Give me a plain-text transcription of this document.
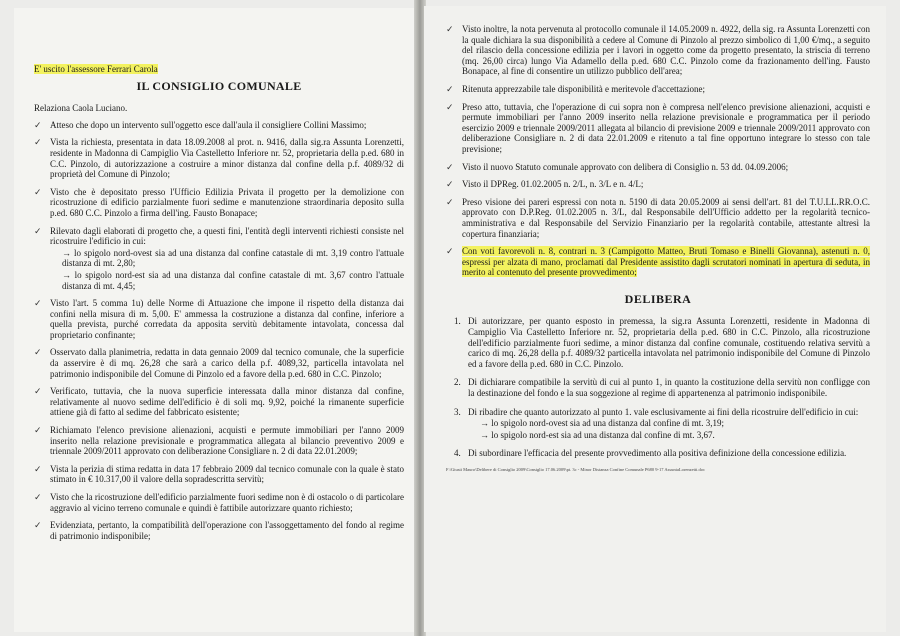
E' uscito l'assessore Ferrari Carola

IL CONSIGLIO COMUNALE

Relaziona Caola Luciano.

✓ Atteso che dopo un intervento sull'oggetto esce dall'aula il consigliere Collini Massimo;
✓ Vista la richiesta, presentata in data 18.09.2008 al prot. n. 9416, dalla sig.ra Assunta Lorenzetti, residente in Madonna di Campiglio Via Castelletto Inferiore nr. 52, proprietaria della p.ed. 680 in C.C. Pinzolo, di autorizzazione a costruire a minor distanza dal confine della p.f. 4089/32 di proprietà del Comune di Pinzolo;
✓ Visto che è depositato presso l'Ufficio Edilizia Privata il progetto per la demolizione con ricostruzione di edificio parzialmente fuori sedime e manutenzione straordinaria deposito sulla p.ed. 680 C.C. Pinzolo a firma dell'ing. Fausto Bonapace;
✓ Rilevato dagli elaborati di progetto che, a questi fini, l'entità degli interventi richiesti consiste nel ricostruire l'edificio in cui:
→ lo spigolo nord-ovest sia ad una distanza dal confine catastale di mt. 3,19 contro l'attuale distanza di mt. 2,80;
→ lo spigolo nord-est sia ad una distanza dal confine catastale di mt. 3,67 contro l'attuale distanza di mt. 4,45;
✓ Visto l'art. 5 comma 1u) delle Norme di Attuazione che impone il rispetto della distanza dai confini nella misura di m. 5,00. E' ammessa la costruzione a distanza dal confine, inferiore a quella prevista, purché corredata da apposita servitù debitamente intavolata, concessa dal proprietario confinante;
✓ Osservato dalla planimetria, redatta in data gennaio 2009 dal tecnico comunale, che la superficie da asservire è di mq. 26,28 che sarà a carico della p.f. 4089,32, particella intavolata nel patrimonio indisponibile del Comune di Pinzolo ed a favore della p.ed. 680 in C.C. Pinzolo;
✓ Verificato, tuttavia, che la nuova superficie interessata dalla minor distanza dal confine, relativamente al nuovo sedime dell'edificio è di soli mq. 9,92, poiché la rimanente superficie attiene già di fatto al sedime del fabbricato esistente;
✓ Richiamato l'elenco previsione alienazioni, acquisti e permute immobiliari per l'anno 2009 inserito nella relazione previsionale e programmatica allegata al bilancio preventivo 2009 e triennale 2009/2011 approvato con deliberazione Consigliare n. 2 di data 22.01.2009;
✓ Vista la perizia di stima redatta in data 17 febbraio 2009 dal tecnico comunale con la quale è stato stimato in € 10.317,00 il valore della sopradescritta servitù;
✓ Visto che la ricostruzione dell'edificio parzialmente fuori sedime non è di ostacolo o di particolare aggravio al vicino terreno comunale e quindi è fattibile autorizzare quanto richiesto;
✓ Evidenziata, pertanto, la compatibilità dell'operazione con l'assoggettamento del fondo al regime di patrimonio indisponibile;
✓ Visto inoltre, la nota pervenuta al protocollo comunale il 14.05.2009 n. 4922, della sig. ra Assunta Lorenzetti con la quale dichiara la sua disponibilità a cedere al Comune di Pinzolo al prezzo simbolico di 1,00 €/mq., a seguito del rilascio della concessione edilizia per i lavori in oggetto come da progetto presentato, la striscia di terreno (mq. 26,00 circa) lungo Via Adamello della p.ed. 680 C.C. Pinzolo come da frazionamento dell'ing. Fausto Bonapace, al fine di consentire un utilizzo pubblico dell'area;
✓ Ritenuta apprezzabile tale disponibilità e meritevole d'accettazione;
✓ Preso atto, tuttavia, che l'operazione di cui sopra non è compresa nell'elenco previsione alienazioni, acquisti e permute immobiliari per l'anno 2009 inserito nella relazione previsionale e programmatica per il periodo esercizio 2009 e triennale 2009/2011 allegata al bilancio di previsione 2009 e triennale 2009/2011 approvato con deliberazione Consigliare n. 2 di data 22.01.2009 e ritenuto a tal fine opportuno integrare lo stesso con tale previsione;
✓ Visto il nuovo Statuto comunale approvato con delibera di Consiglio n. 53 dd. 04.09.2006;
✓ Visto il DPReg. 01.02.2005 n. 2/L, n. 3/L e n. 4/L;
✓ Preso visione dei pareri espressi con nota n. 5190 di data 20.05.2009 ai sensi dell'art. 81 del T.U.LL.RR.O.C. approvato con D.P.Reg. 01.02.2005 n. 3/L, dal Responsabile dell'Ufficio addetto per la regolarità tecnico-amministrativa e dal Responsabile del Servizio Finanziario per la regolarità contabile, attestante altresì la copertura finanziaria;
✓ Con voti favorevoli n. 8, contrari n. 3 (Campigotto Matteo, Bruti Tomaso e Binelli Giovanna), astenuti n. 0, espressi per alzata di mano, proclamati dal Presidente assistito dagli scrutatori nominati in apertura di seduta, in merito al contenuto del presente provvedimento;
DELIBERA
1. Di autorizzare, per quanto esposto in premessa, la sig.ra Assunta Lorenzetti, residente in Madonna di Campiglio Via Castelletto Inferiore nr. 52, proprietaria della p.ed. 680 in C.C. Pinzolo, alla ricostruzione dell'edificio parzialmente fuori sedime, a minor distanza dal confine comunale, costituendo relativa servitù a carico di mq. 26,28 della p.f. 4089/32 particella intavolata nel patrimonio indisponibile del Comune di Pinzolo ed a favore della p.ed. 680 in C.C. Pinzolo.
2. Di dichiarare compatibile la servitù di cui al punto 1, in quanto la costituzione della servitù non confligge con la destinazione del fondo e la sua soggezione al regime di appartenenza al patrimonio indisponibile.
3. Di ribadire che quanto autorizzato al punto 1. vale esclusivamente ai fini della ricostruire dell'edificio in cui:
→ lo spigolo nord-ovest sia ad una distanza dal confine di mt. 3,19;
→ lo spigolo nord-est sia ad una distanza dal confine di mt. 3,67.
4. Di subordinare l'efficacia del presente provvedimento alla positiva definizione della concessione edilizia.
F:\Giusti Mauro\Delibere di Consiglio 2009\Consiglio 17.06.2009\pt. 3c - Minor Distanza Confine Comunale P680 9-17 AssuntaLorenzetti.doc
